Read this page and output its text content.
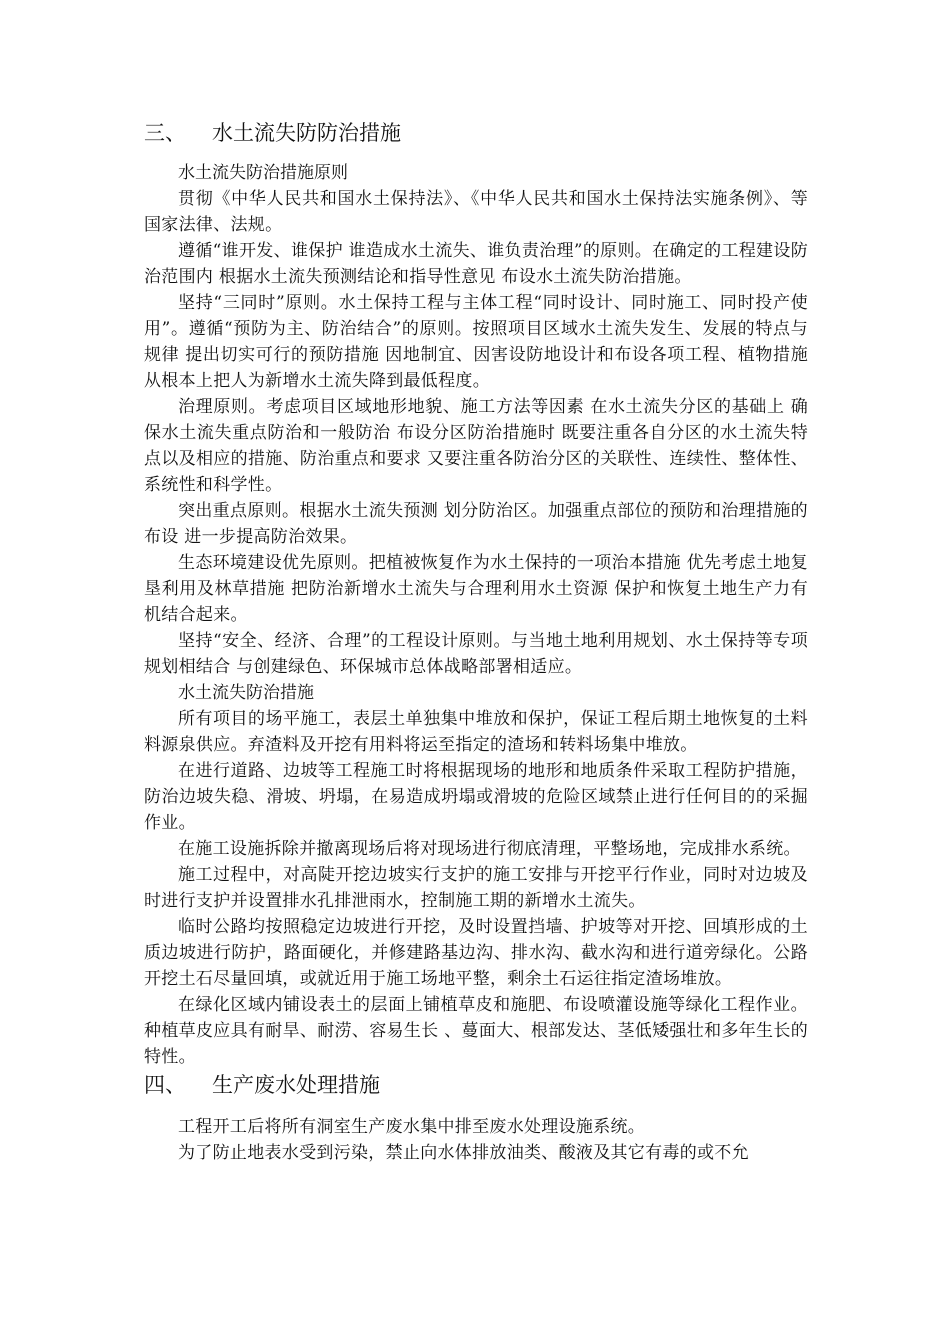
三、 水土流失防防治措施

水土流失防治措施原则

贯彻《中华人民共和国水土保持法》、《中华人民共和国水土保持法实施条例》、等国家法律、法规。

遵循“谁开发、谁保护 谁造成水土流失、谁负责治理”的原则。在确定的工程建设防治范围内 根据水土流失预测结论和指导性意见 布设水土流失防治措施。

坚持“三同时”原则。水土保持工程与主体工程“同时设计、同时施工、同时投产使用”。遵循“预防为主、防治结合”的原则。按照项目区域水土流失发生、发展的特点与规律 提出切实可行的预防措施 因地制宜、因害设防地设计和布设各项工程、植物措施 从根本上把人为新增水土流失降到最低程度。

治理原则。考虑项目区域地形地貌、施工方法等因素 在水土流失分区的基础上 确保水土流失重点防治和一般防治 布设分区防治措施时 既要注重各自分区的水土流失特点以及相应的措施、防治重点和要求 又要注重各防治分区的关联性、连续性、整体性、系统性和科学性。

突出重点原则。根据水土流失预测 划分防治区。加强重点部位的预防和治理措施的布设 进一步提高防治效果。

生态环境建设优先原则。把植被恢复作为水土保持的一项治本措施 优先考虑土地复垦利用及林草措施 把防治新增水土流失与合理利用水土资源 保护和恢复土地生产力有机结合起来。

坚持“安全、经济、合理”的工程设计原则。与当地土地利用规划、水土保持等专项规划相结合 与创建绿色、环保城市总体战略部署相适应。

水土流失防治措施

所有项目的场平施工，表层土单独集中堆放和保护，保证工程后期土地恢复的土料料源泉供应。弃渣料及开挖有用料将运至指定的渣场和转料场集中堆放。

在进行道路、边坡等工程施工时将根据现场的地形和地质条件采取工程防护措施，防治边坡失稳、滑坡、坍塌，在易造成坍塌或滑坡的危险区域禁止进行任何目的的采掘作业。

在施工设施拆除并撤离现场后将对现场进行彻底清理，平整场地，完成排水系统。

施工过程中，对高陡开挖边坡实行支护的施工安排与开挖平行作业，同时对边坡及时进行支护并设置排水孔排泄雨水，控制施工期的新增水土流失。

临时公路均按照稳定边坡进行开挖，及时设置挡墙、护坡等对开挖、回填形成的土质边坡进行防护，路面硬化，并修建路基边沟、排水沟、截水沟和进行道旁绿化。公路开挖土石尽量回填，或就近用于施工场地平整，剩余土石运往指定渣场堆放。

在绿化区域内铺设表土的层面上铺植草皮和施肥、布设喷灌设施等绿化工程作业。种植草皮应具有耐旱、耐涝、容易生长 、蔓面大、根部发达、茎低矮强壮和多年生长的特性。

四、 生产废水处理措施

工程开工后将所有洞室生产废水集中排至废水处理设施系统。

为了防止地表水受到污染，禁止向水体排放油类、酸液及其它有毒的或不允
